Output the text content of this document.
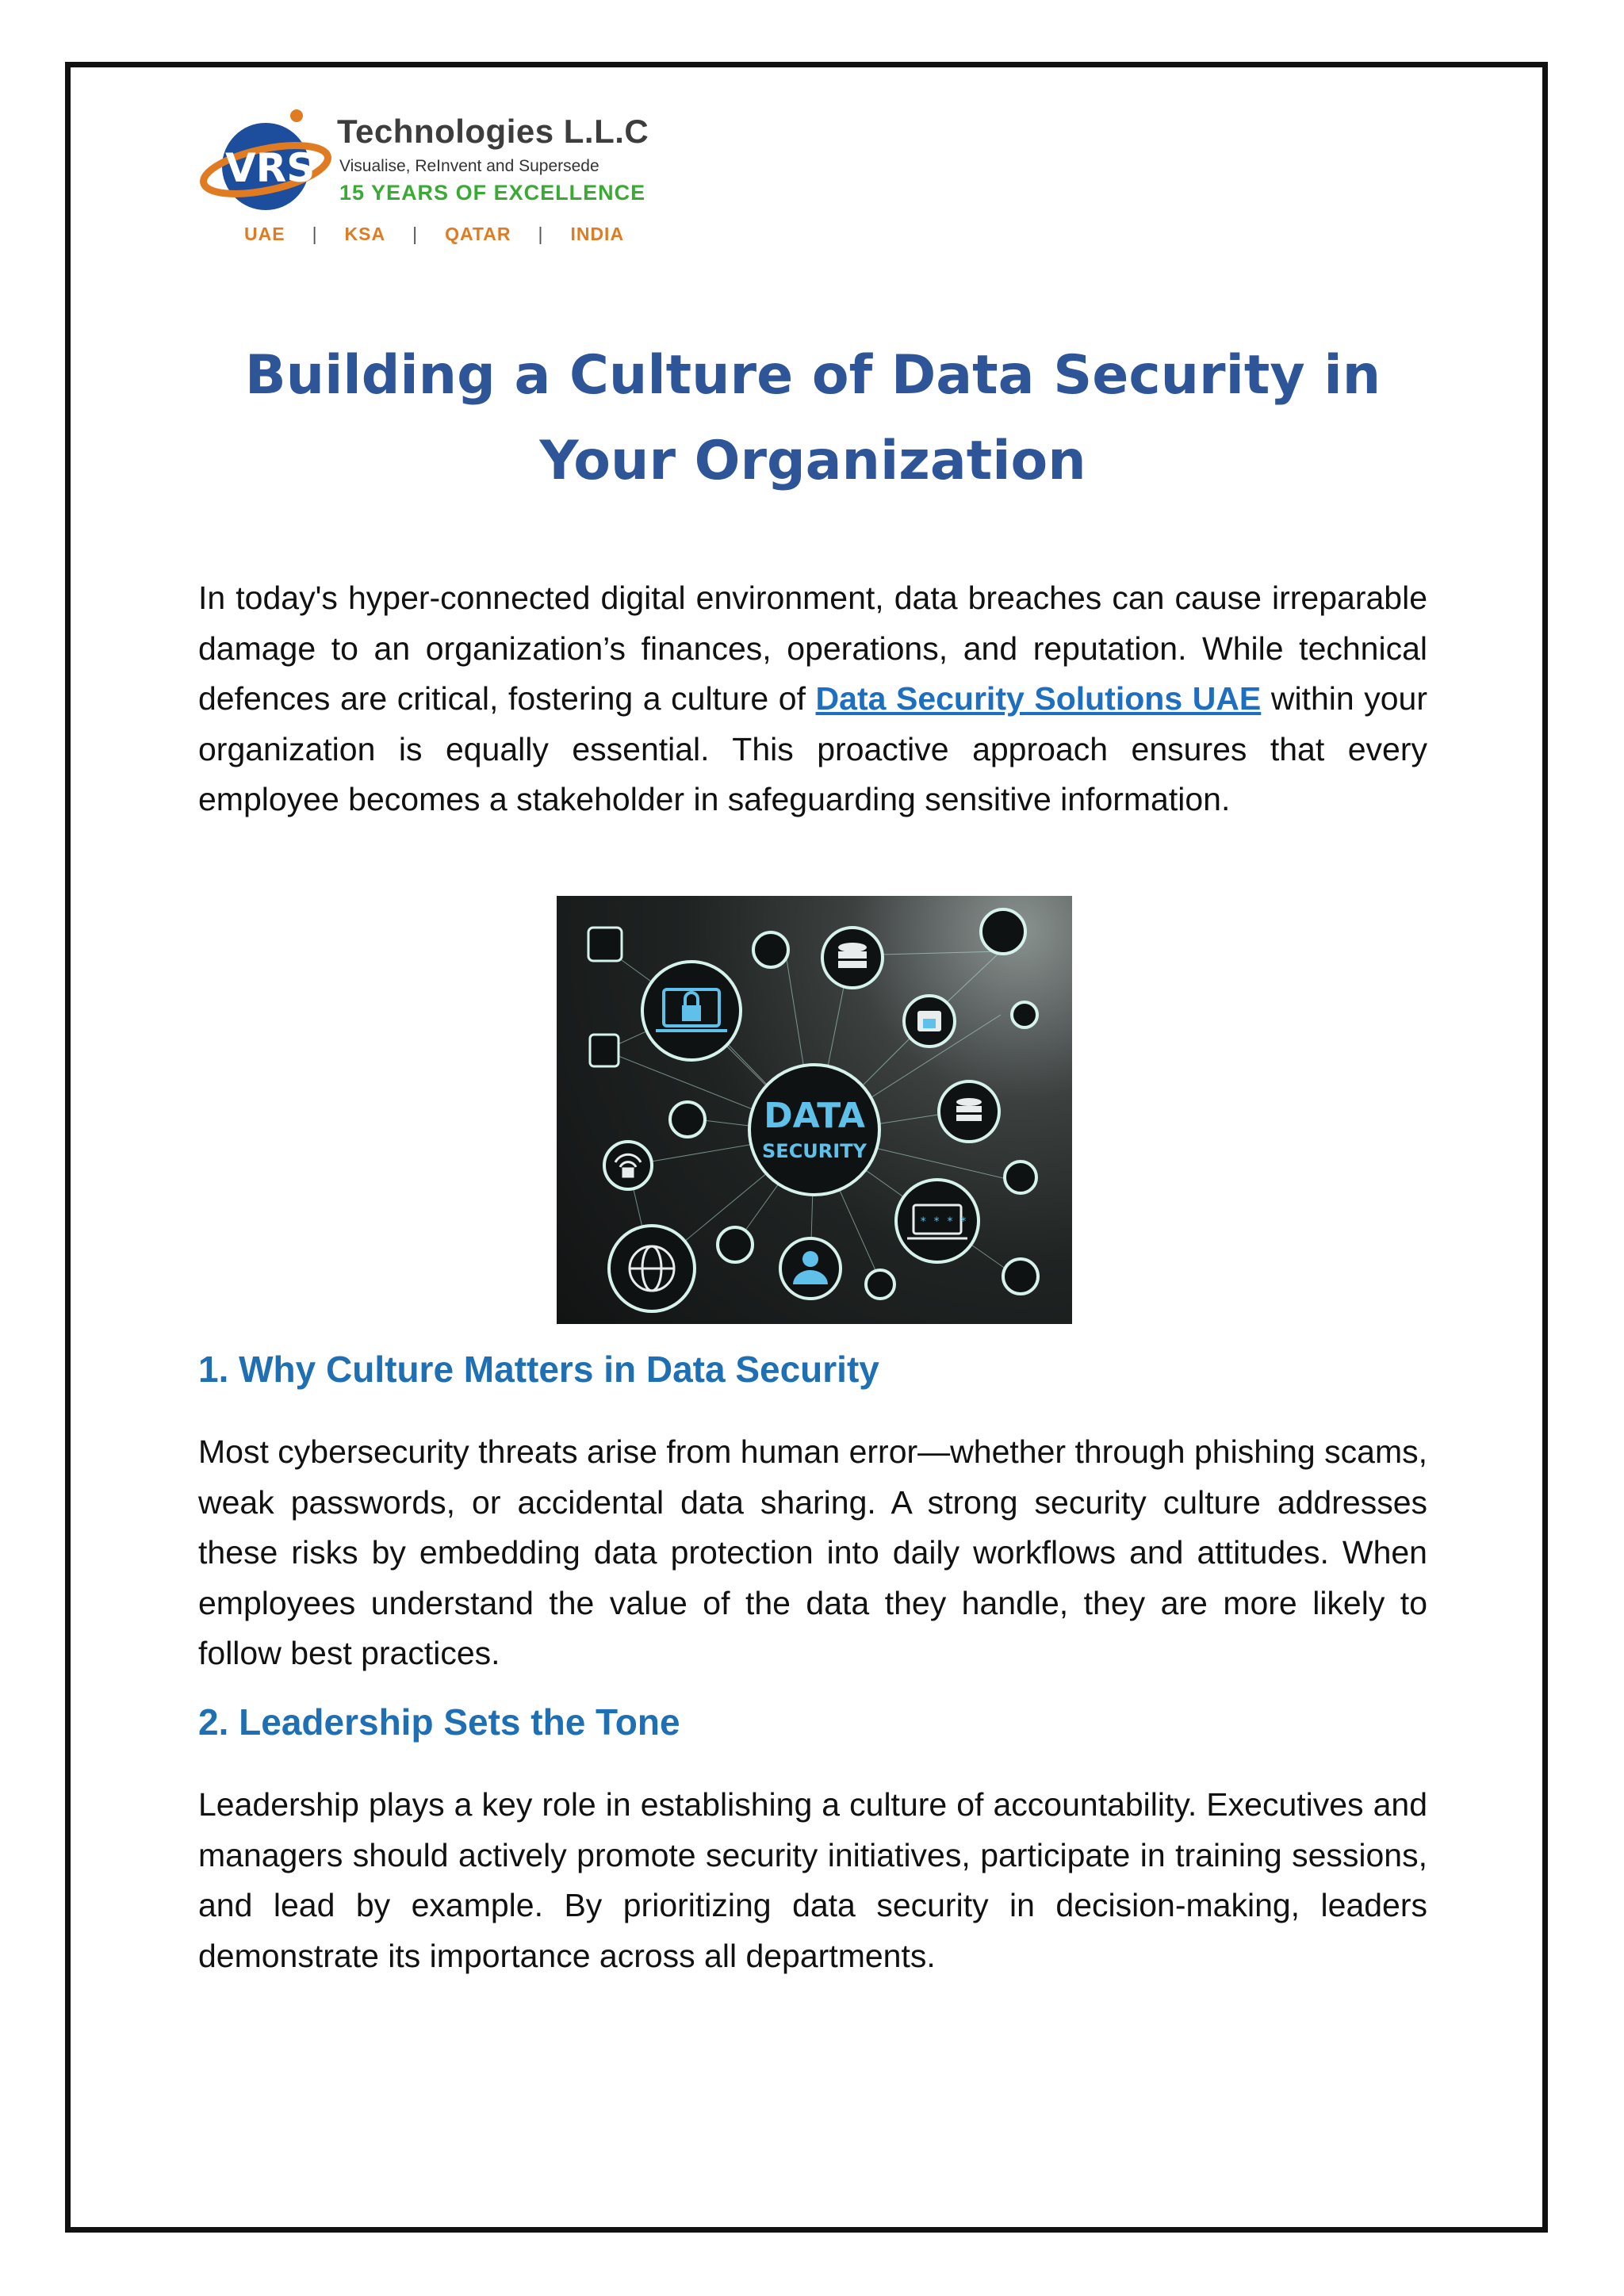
VRS
Technologies L.L.C
Visualise, ReInvent and Supersede
15 YEARS OF EXCELLENCE
UAE | KSA | QATAR | INDIA
Building a Culture of Data Security in Your Organization

In today's hyper-connected digital environment, data breaches can cause irreparable damage to an organization’s finances, operations, and reputation. While technical defences are critical, fostering a culture of Data Security Solutions UAE within your organization is equally essential. This proactive approach ensures that every employee becomes a stakeholder in safeguarding sensitive information.

* * * *
DATA
SECURITY
1. Why Culture Matters in Data Security

Most cybersecurity threats arise from human error—whether through phishing scams, weak passwords, or accidental data sharing. A strong security culture addresses these risks by embedding data protection into daily workflows and attitudes. When employees understand the value of the data they handle, they are more likely to follow best practices.

2. Leadership Sets the Tone

Leadership plays a key role in establishing a culture of accountability. Executives and managers should actively promote security initiatives, participate in training sessions, and lead by example. By prioritizing data security in decision-making, leaders demonstrate its importance across all departments.
